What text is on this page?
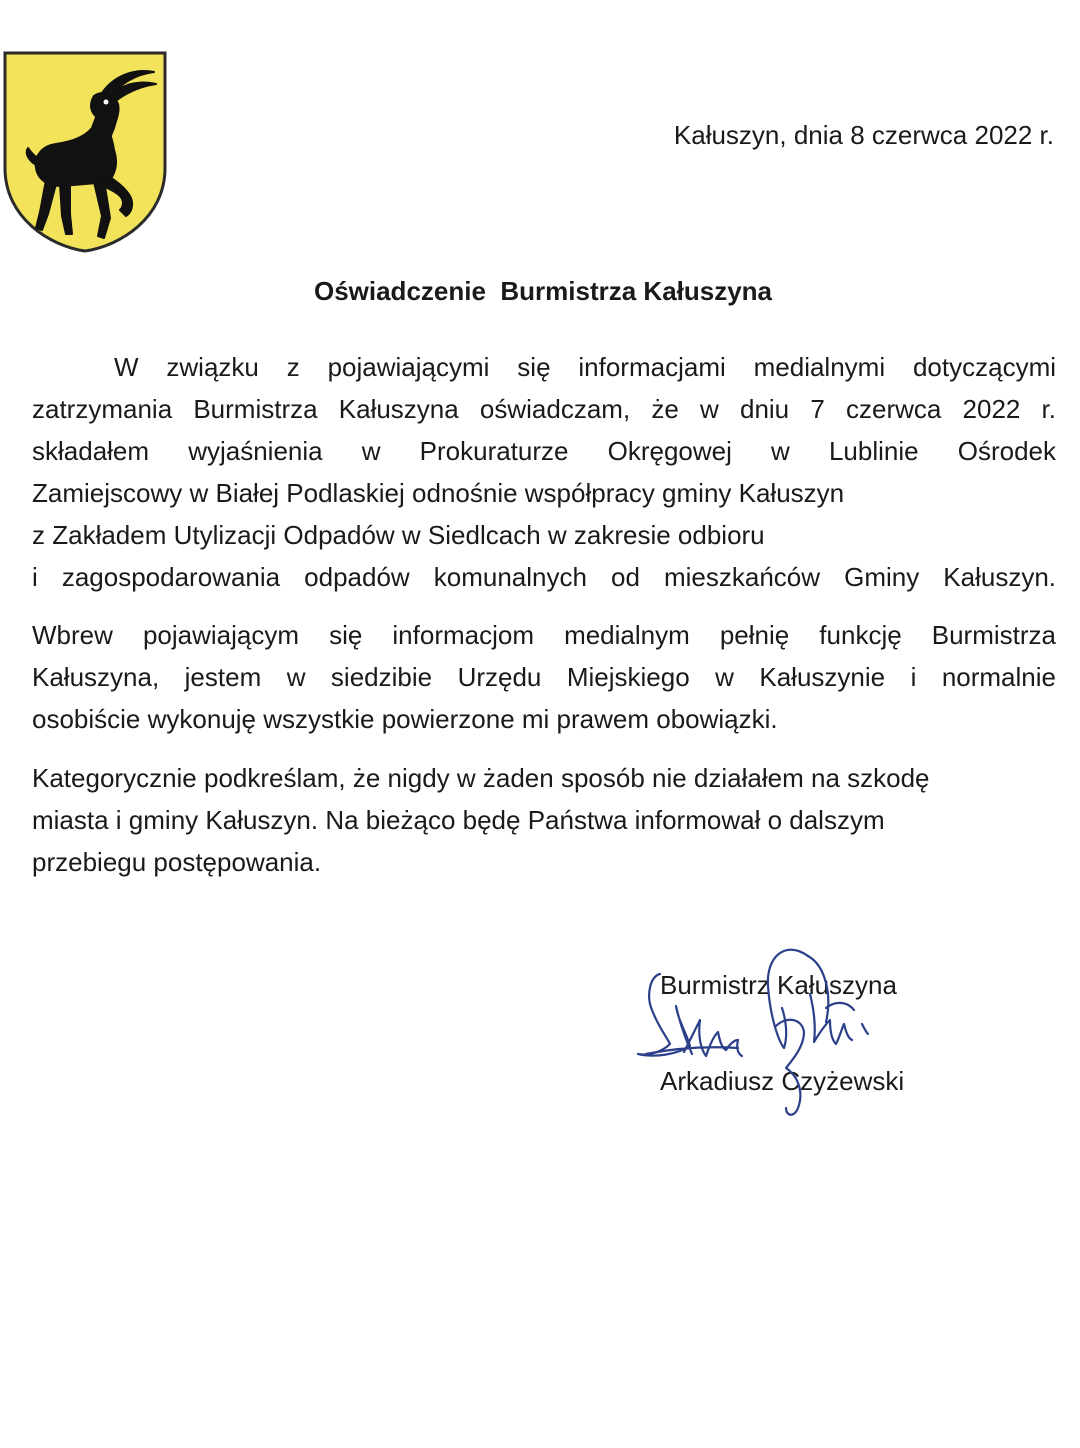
Kałuszyn, dnia 8 czerwca 2022 r.
Oświadczenie  Burmistrza Kałuszyna
W związku z pojawiającymi się informacjami medialnymi dotyczącymi
zatrzymania Burmistrza Kałuszyna oświadczam, że w dniu 7 czerwca 2022 r.
składałem wyjaśnienia w Prokuraturze Okręgowej w Lublinie Ośrodek
Zamiejscowy w Białej Podlaskiej odnośnie współpracy gminy Kałuszyn
z Zakładem Utylizacji Odpadów w Siedlcach w zakresie odbioru
i zagospodarowania odpadów komunalnych od mieszkańców Gminy Kałuszyn.
Wbrew pojawiającym się informacjom medialnym pełnię funkcję Burmistrza
Kałuszyna, jestem w siedzibie Urzędu Miejskiego w Kałuszynie i normalnie
osobiście wykonuję wszystkie powierzone mi prawem obowiązki.
Kategorycznie podkreślam, że nigdy w żaden sposób nie działałem na szkodę
miasta i gminy Kałuszyn. Na bieżąco będę Państwa informował o dalszym
przebiegu postępowania.
Burmistrz Kałuszyna
Arkadiusz Czyżewski
